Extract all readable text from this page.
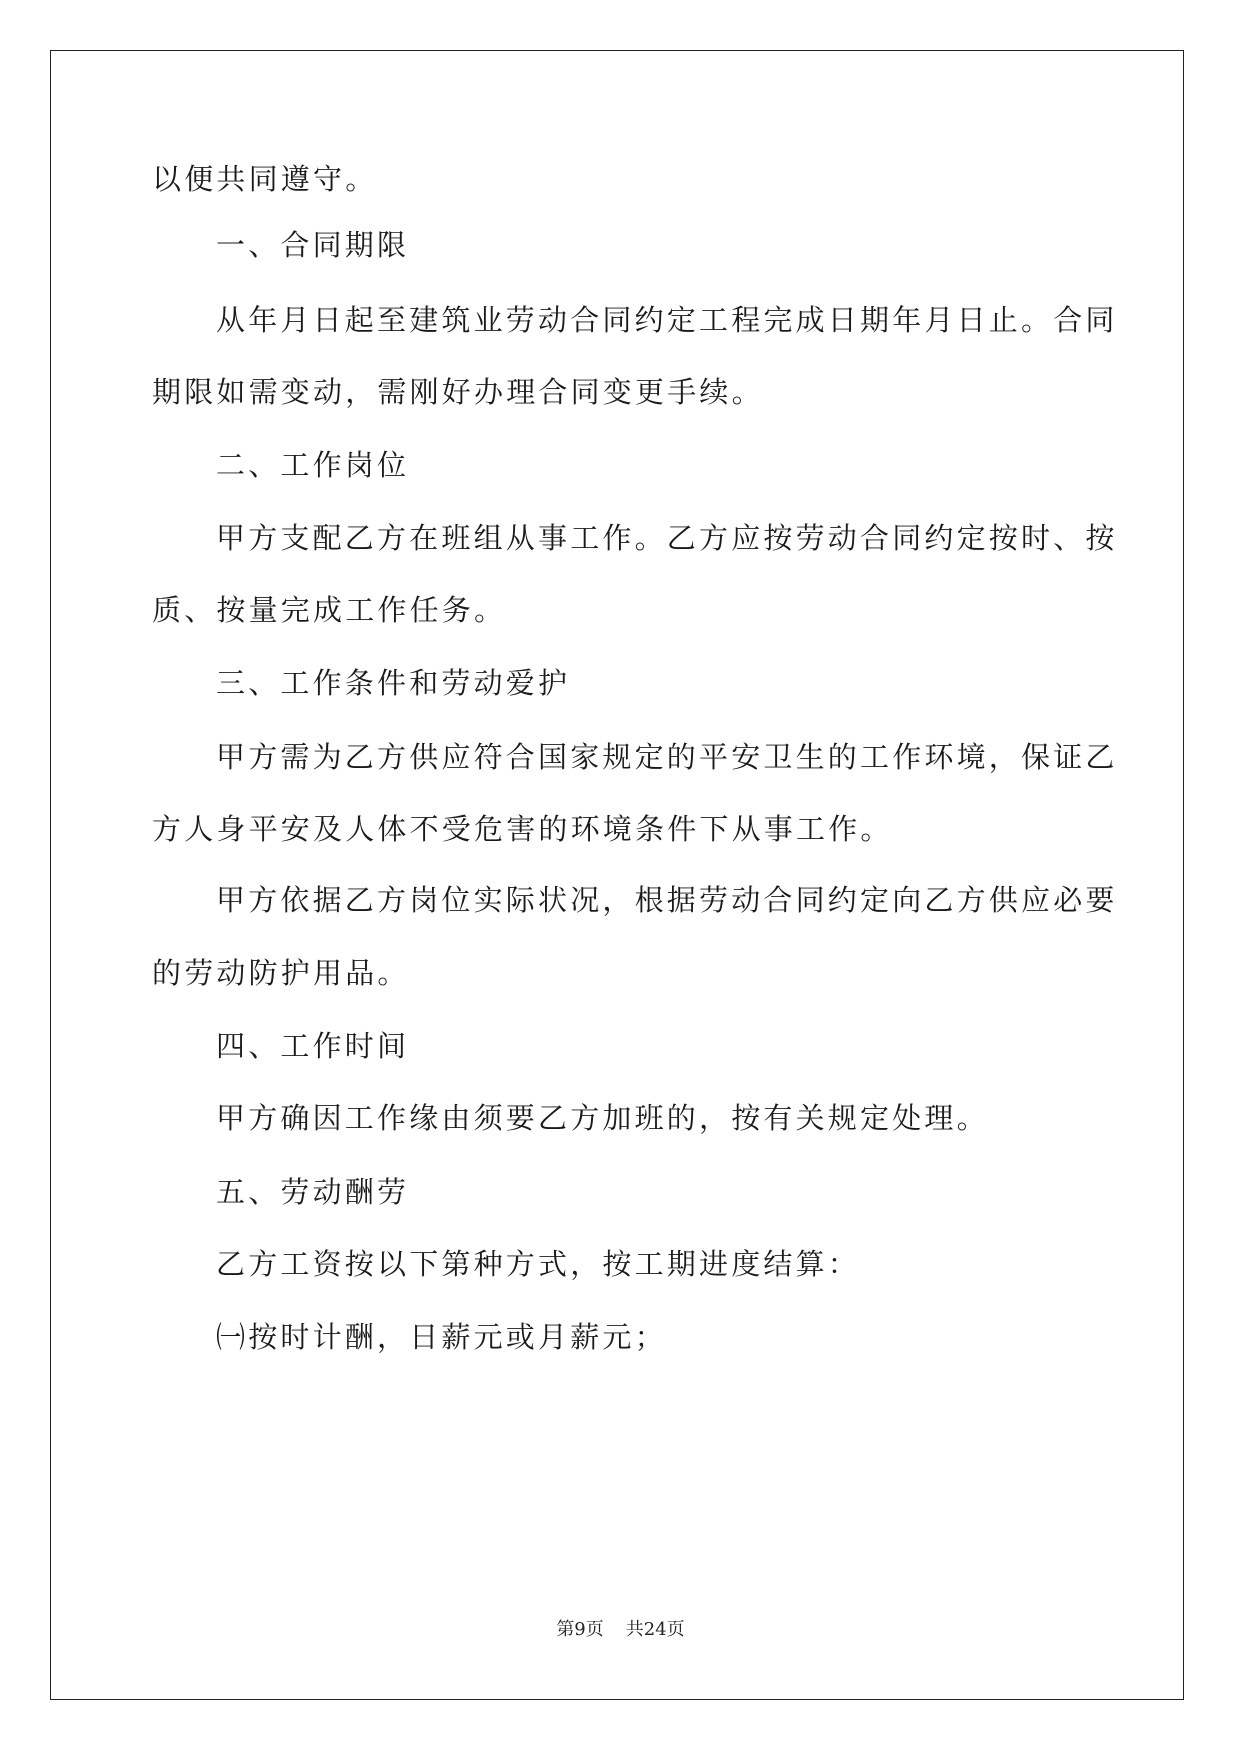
以便共同遵守。
一、合同期限
从年月日起至建筑业劳动合同约定工程完成日期年月日止。合同
期限如需变动，需刚好办理合同变更手续。
二、工作岗位
甲方支配乙方在班组从事工作。乙方应按劳动合同约定按时、按
质、按量完成工作任务。
三、工作条件和劳动爱护
甲方需为乙方供应符合国家规定的平安卫生的工作环境，保证乙
方人身平安及人体不受危害的环境条件下从事工作。
甲方依据乙方岗位实际状况，根据劳动合同约定向乙方供应必要
的劳动防护用品。
四、工作时间
甲方确因工作缘由须要乙方加班的，按有关规定处理。
五、劳动酬劳
乙方工资按以下第种方式，按工期进度结算：
㈠按时计酬，日薪元或月薪元；
第9页 共24页
